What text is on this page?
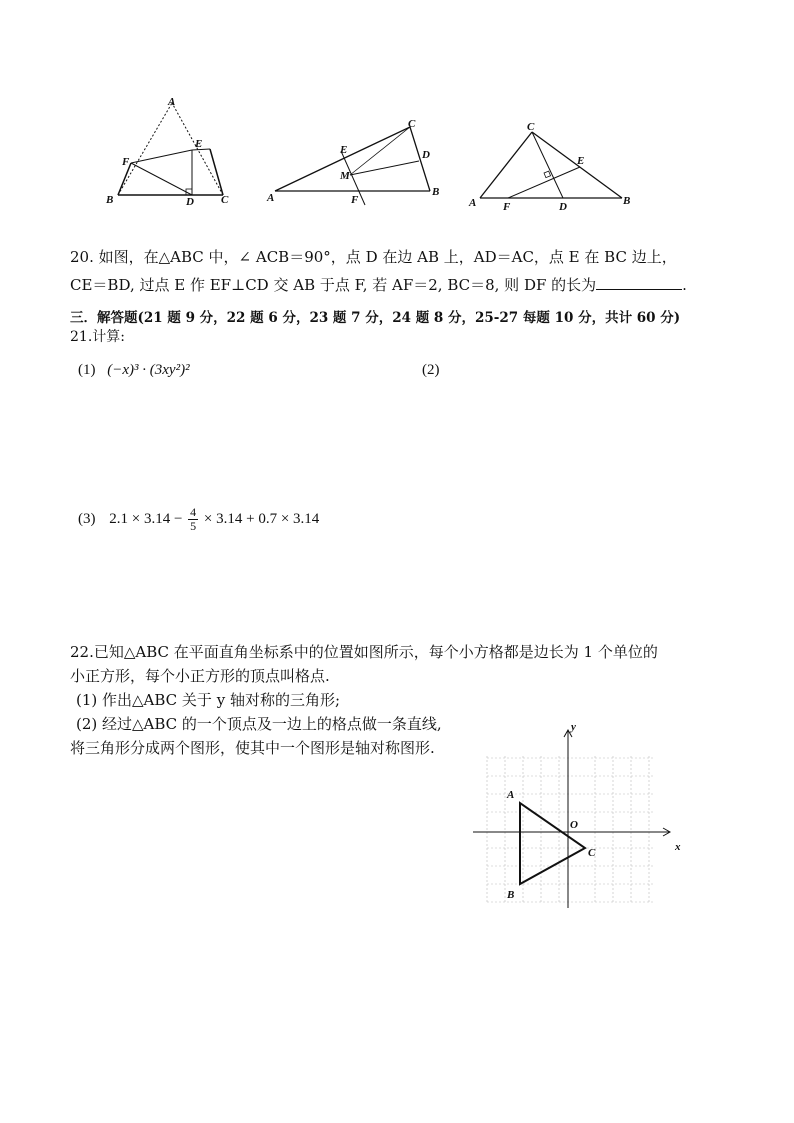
A
B	C
D
E
F
A	B
C
D
E
F
M
A	B
C
D
E
F
20. 如图，在△ABC 中，∠ ACB＝90°，点 D 在边 AB 上，AD＝AC，点 E 在 BC 边上，
CE＝BD, 过点 E 作 EF⊥CD 交 AB 于点 F, 若 AF＝2, BC＝8, 则 DF 的长为	.
三．解答题(21 题 9 分，22 题 6 分，23 题 7 分，24 题 8 分，25-27 每题 10 分，共计 60 分)
21.计算:
(1) (−x)³ · (3xy²)²	(2)
(3) $2.1 \times 3.14 - \frac{4}{5} \times 3.14 + 0.7 \times 3.14$
22.已知△ABC 在平面直角坐标系中的位置如图所示，每个小方格都是边长为 1 个单位的
小正方形，每个小正方形的顶点叫格点.
(1) 作出△ABC 关于 y 轴对称的三角形;
(2) 经过△ABC 的一个顶点及一边上的格点做一条直线,
将三角形分成两个图形，使其中一个图形是轴对称图形.
x
y
O
A
B
C
